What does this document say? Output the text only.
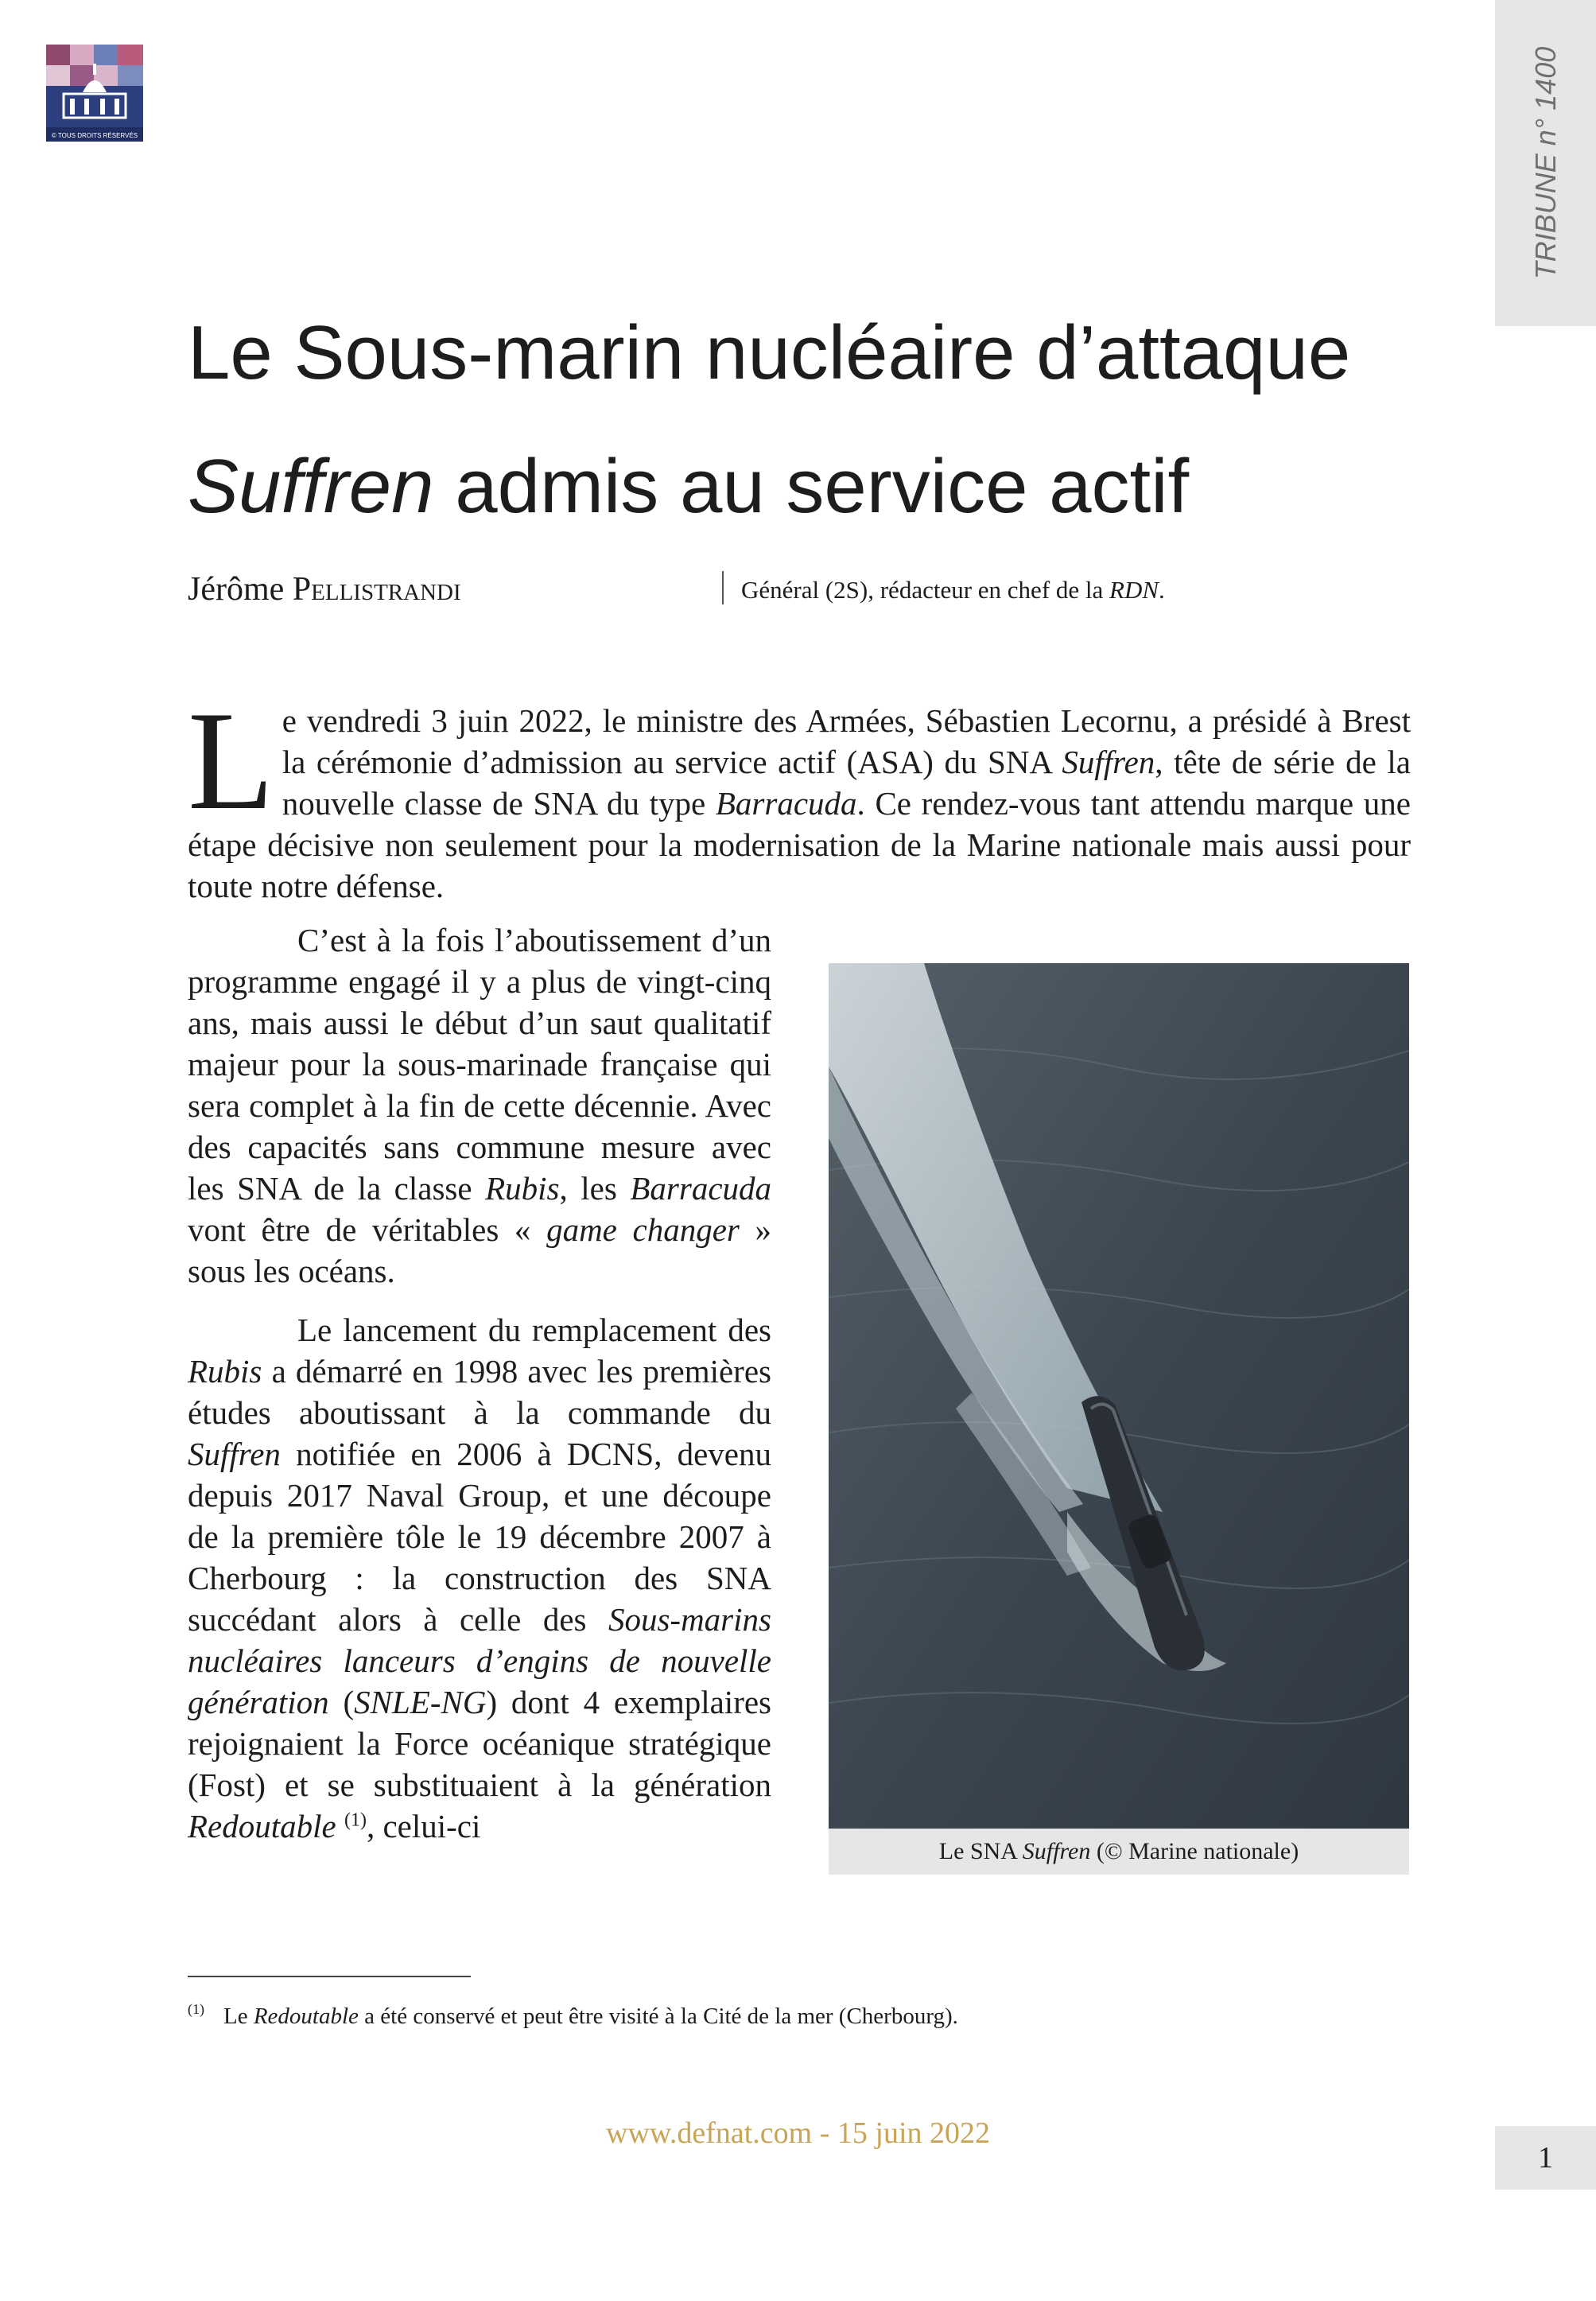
© TOUS DROITS RÉSERVÉS	TRIBUNE n° 1400
Le Sous-marin nucléaire d’attaque
Suffren admis au service actif
Jérôme Pellistrandi	Général (2S), rédacteur en chef de la RDN.

Le vendredi 3 juin 2022, le ministre des Armées, Sébastien Lecornu, a présidé à Brest la cérémonie d’admission au service actif (ASA) du SNA Suffren, tête de série de la nouvelle classe de SNA du type Barracuda. Ce rendez-vous tant attendu marque une étape décisive non seulement pour la modernisation de la Marine nationale mais aussi pour toute notre défense.

C’est à la fois l’aboutissement d’un programme engagé il y a plus de vingt-cinq ans, mais aussi le début d’un saut qualitatif majeur pour la sous-marinade française qui sera complet à la fin de cette décennie. Avec des capacités sans commune mesure avec les SNA de la classe Rubis, les Barracuda vont être de véritables « game changer » sous les océans.

Le lancement du remplacement des Rubis a démarré en 1998 avec les premières études aboutissant à la commande du Suffren notifiée en 2006 à DCNS, devenu depuis 2017 Naval Group, et une découpe de la première tôle le 19 décembre 2007 à Cherbourg : la construction des SNA succédant alors à celle des Sous-marins nucléaires lanceurs d’engins de nouvelle génération (SNLE-NG) dont 4 exemplaires rejoignaient la Force océanique stratégique (Fost) et se substituaient à la génération Redoutable $^{(1)}$, celui-ci

Le SNA Suffren (© Marine nationale)
$^{(1)}$ Le Redoutable a été conservé et peut être visité à la Cité de la mer (Cherbourg).
www.defnat.com - 15 juin 2022
1
